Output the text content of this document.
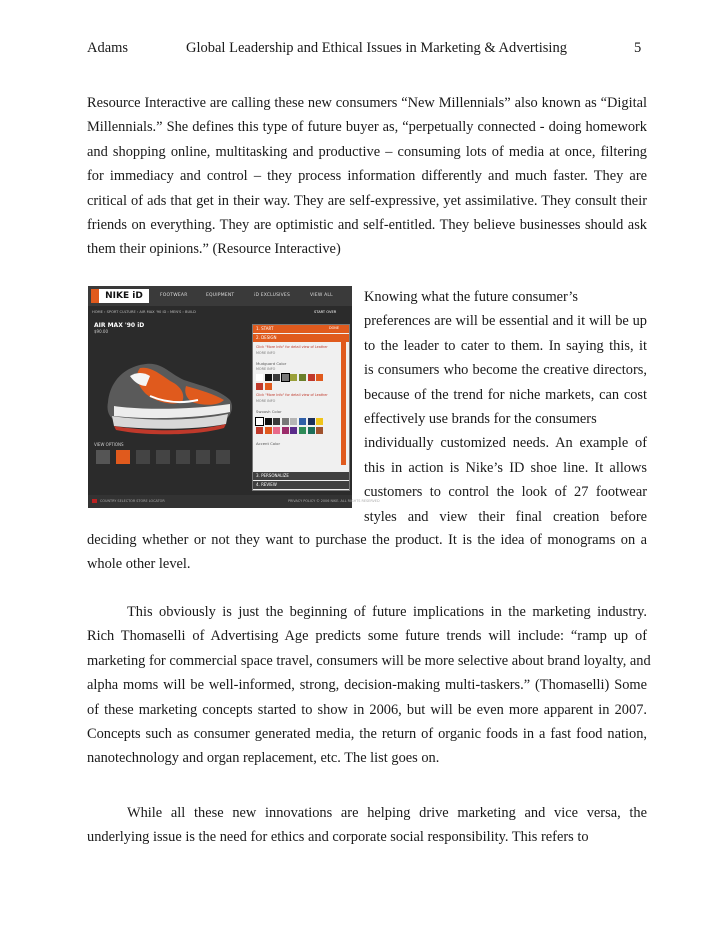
Adams	Global Leadership and Ethical Issues in Marketing & Advertising	5
Resource Interactive are calling these new consumers “New Millennials” also known as “Digital
Millennials.” She defines this type of future buyer as, “perpetually connected - doing homework
and shopping online, multitasking and productive – consuming lots of media at once, filtering
for immediacy and control – they process information differently and much faster. They are
critical of ads that get in their way. They are self-expressive, yet assimilative. They consult their
friends on everything. They are optimistic and self-entitled. They believe businesses should ask
them their opinions.” (Resource Interactive)
NIKE iD	FOOTWEAR	EQUIPMENT	iD EXCLUSIVES	VIEW ALL
HOME › SPORT CULTURE › AIR MAX '90 iD › MEN'S › BUILD	START OVER
AIR MAX '90 iD
$90.00
VIEW OPTIONS
1. START	DONE
2. DESIGN
Click "More Info" for detail view of Leather
MORE INFO
Mudguard Color
MORE INFO
Click "More Info" for detail view of Leather
MORE INFO
Swoosh Color
Accent Color
3. PERSONALIZE
4. REVIEW
COUNTRY SELECTOR STORE LOCATOR	PRIVACY POLICY © 2006 NIKE. ALL RIGHTS RESERVED
Knowing what the future consumer’s
preferences are will be essential and it will be up
to the leader to cater to them. In saying this, it
is consumers who become the creative directors,
because of the trend for niche markets, can cost
effectively use brands for the consumers
individually customized needs. An example of
this in action is Nike’s ID shoe line. It allows
customers to control the look of 27 footwear
styles and view their final creation before
deciding whether or not they want to purchase the product. It is the idea of monograms on a
whole other level.
This obviously is just the beginning of future implications in the marketing industry.
Rich Thomaselli of Advertising Age predicts some future trends will include: “ramp up of
marketing for commercial space travel, consumers will be more selective about brand loyalty, and
alpha moms will be well-informed, strong, decision-making multi-taskers.” (Thomaselli) Some
of these marketing concepts started to show in 2006, but will be even more apparent in 2007.
Concepts such as consumer generated media, the return of organic foods in a fast food nation,
nanotechnology and organ replacement, etc. The list goes on.
While all these new innovations are helping drive marketing and vice versa, the
underlying issue is the need for ethics and corporate social responsibility. This refers to
